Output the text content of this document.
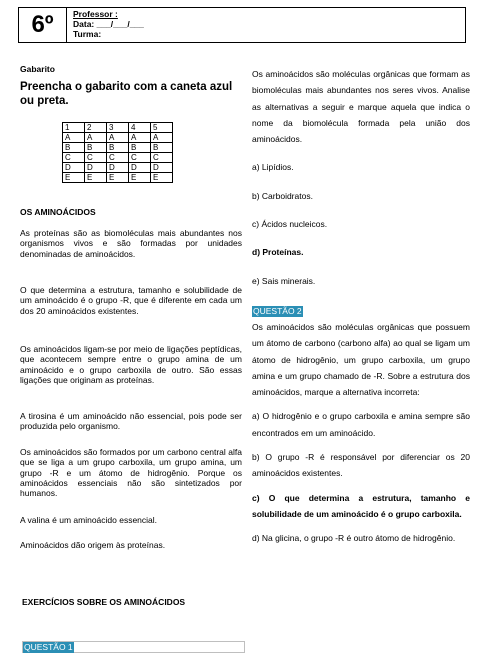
6º	Professor :
Data: ___/___/___
Turma:
Gabarito
Preencha o gabarito com a caneta azul ou preta.
1	2	3	4	5
A	A	A	A	A
B	B	B	B	B
C	C	C	C	C
D	D	D	D	D
E	E	E	E	E
OS AMINOÁCIDOS
As proteínas são as biomoléculas mais abundantes nos organismos vivos e são formadas por unidades denominadas de aminoácidos.
O que determina a estrutura, tamanho e solubilidade de um aminoácido é o grupo -R, que é diferente em cada um dos 20 aminoácidos existentes.
Os aminoácidos ligam-se por meio de ligações peptídicas, que acontecem sempre entre o grupo amina de um aminoácido e o grupo carboxila de outro. São essas ligações que originam as proteínas.
A tirosina é um aminoácido não essencial, pois pode ser produzida pelo organismo.
Os aminoácidos são formados por um carbono central alfa que se liga a um grupo carboxila, um grupo amina, um grupo -R e um átomo de hidrogênio. Porque os aminoácidos essenciais não são sintetizados por humanos.
A valina é um aminoácido essencial.
Aminoácidos dão origem às proteínas.
EXERCÍCIOS SOBRE OS AMINOÁCIDOS
QUESTÃO 1
Os aminoácidos são moléculas orgânicas que formam as biomoléculas mais abundantes nos seres vivos. Analise as alternativas a seguir e marque aquela que indica o nome da biomolécula formada pela união dos aminoácidos.
a) Lipídios.
b) Carboidratos.
c) Ácidos nucleicos.
d) Proteínas.
e) Sais minerais.
QUESTÃO 2
Os aminoácidos são moléculas orgânicas que possuem um átomo de carbono (carbono alfa) ao qual se ligam um átomo de hidrogênio, um grupo carboxila, um grupo amina e um grupo chamado de -R. Sobre a estrutura dos aminoácidos, marque a alternativa incorreta:
a) O hidrogênio e o grupo carboxila e amina sempre são encontrados em um aminoácido.
b) O grupo -R é responsável por diferenciar os 20 aminoácidos existentes.
c) O que determina a estrutura, tamanho e solubilidade de um aminoácido é o grupo carboxila.
d) Na glicina, o grupo -R é outro átomo de hidrogênio.
